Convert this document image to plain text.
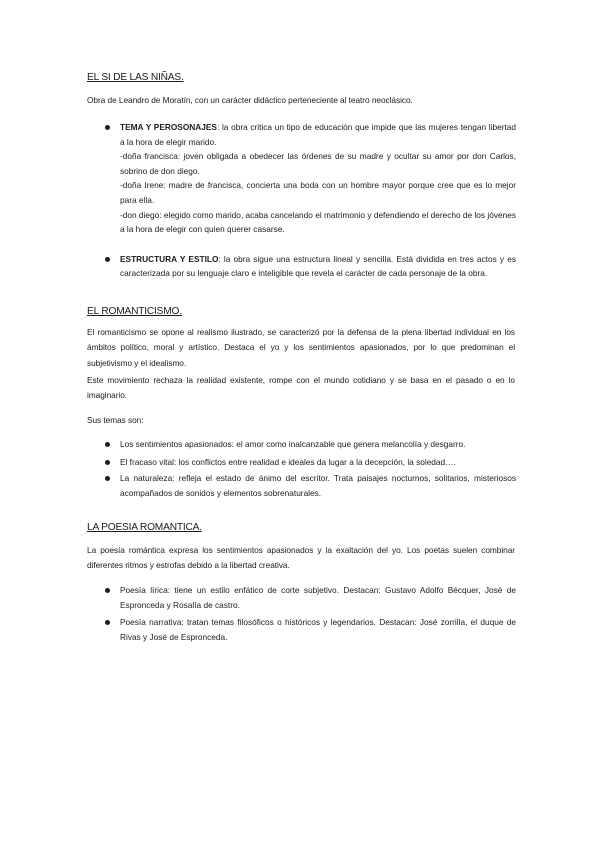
EL SI DE LAS NIÑAS.

Obra de Leandro de Moratín, con un carácter didáctico perteneciente al teatro neoclásico.

TEMA Y PEROSONAJES: la obra critica un tipo de educación que impide que las mujeres tengan libertad a la hora de elegir marido.
-doña francisca: joven obligada a obedecer las órdenes de su madre y ocultar su amor por don Carlos, sobrino de don diego.
-doña Irene: madre de francisca, concierta una boda con un hombre mayor porque cree que es lo mejor para ella.
-don diego: elegido como marido, acaba cancelando el matrimonio y defendiendo el derecho de los jóvenes a la hora de elegir con quien querer casarse.
ESTRUCTURA Y ESTILO: la obra sigue una estructura lineal y sencilla. Está dividida en tres actos y es caracterizada por su lenguaje claro e inteligible que revela el carácter de cada personaje de la obra.
EL ROMANTICISMO.

El romanticismo se opone al realismo ilustrado, se caracterizó por la defensa de la plena libertad individual en los ámbitos político, moral y artístico. Destaca el yo y los sentimientos apasionados, por lo que predominan el subjetivismo y el idealismo.

Este movimiento rechaza la realidad existente, rompe con el mundo cotidiano y se basa en el pasado o en lo imaginario.

Sus temas son:

Los sentimientos apasionados: el amor como inalcanzable que genera melancolía y desgarro.
El fracaso vital: los conflictos entre realidad e ideales da lugar a la decepción, la soledad….
La naturaleza: refleja el estado de ánimo del escritor. Trata paisajes nocturnos, solitarios, misteriosos acompañados de sonidos y elementos sobrenaturales.
LA POESIA ROMANTICA.

La poesía romántica expresa los sentimientos apasionados y la exaltación del yo. Los poetas suelen combinar diferentes ritmos y estrofas debido a la libertad creativa.

Poesía lírica: tiene un estilo enfático de corte subjetivo. Destacan: Gustavo Adolfo Bécquer, José de Espronceda y Rosalía de castro.
Poesía narrativa: tratan temas filosóficos o históricos y legendarios. Destacan: José zorrilla, el duque de Rivas y José de Espronceda.
